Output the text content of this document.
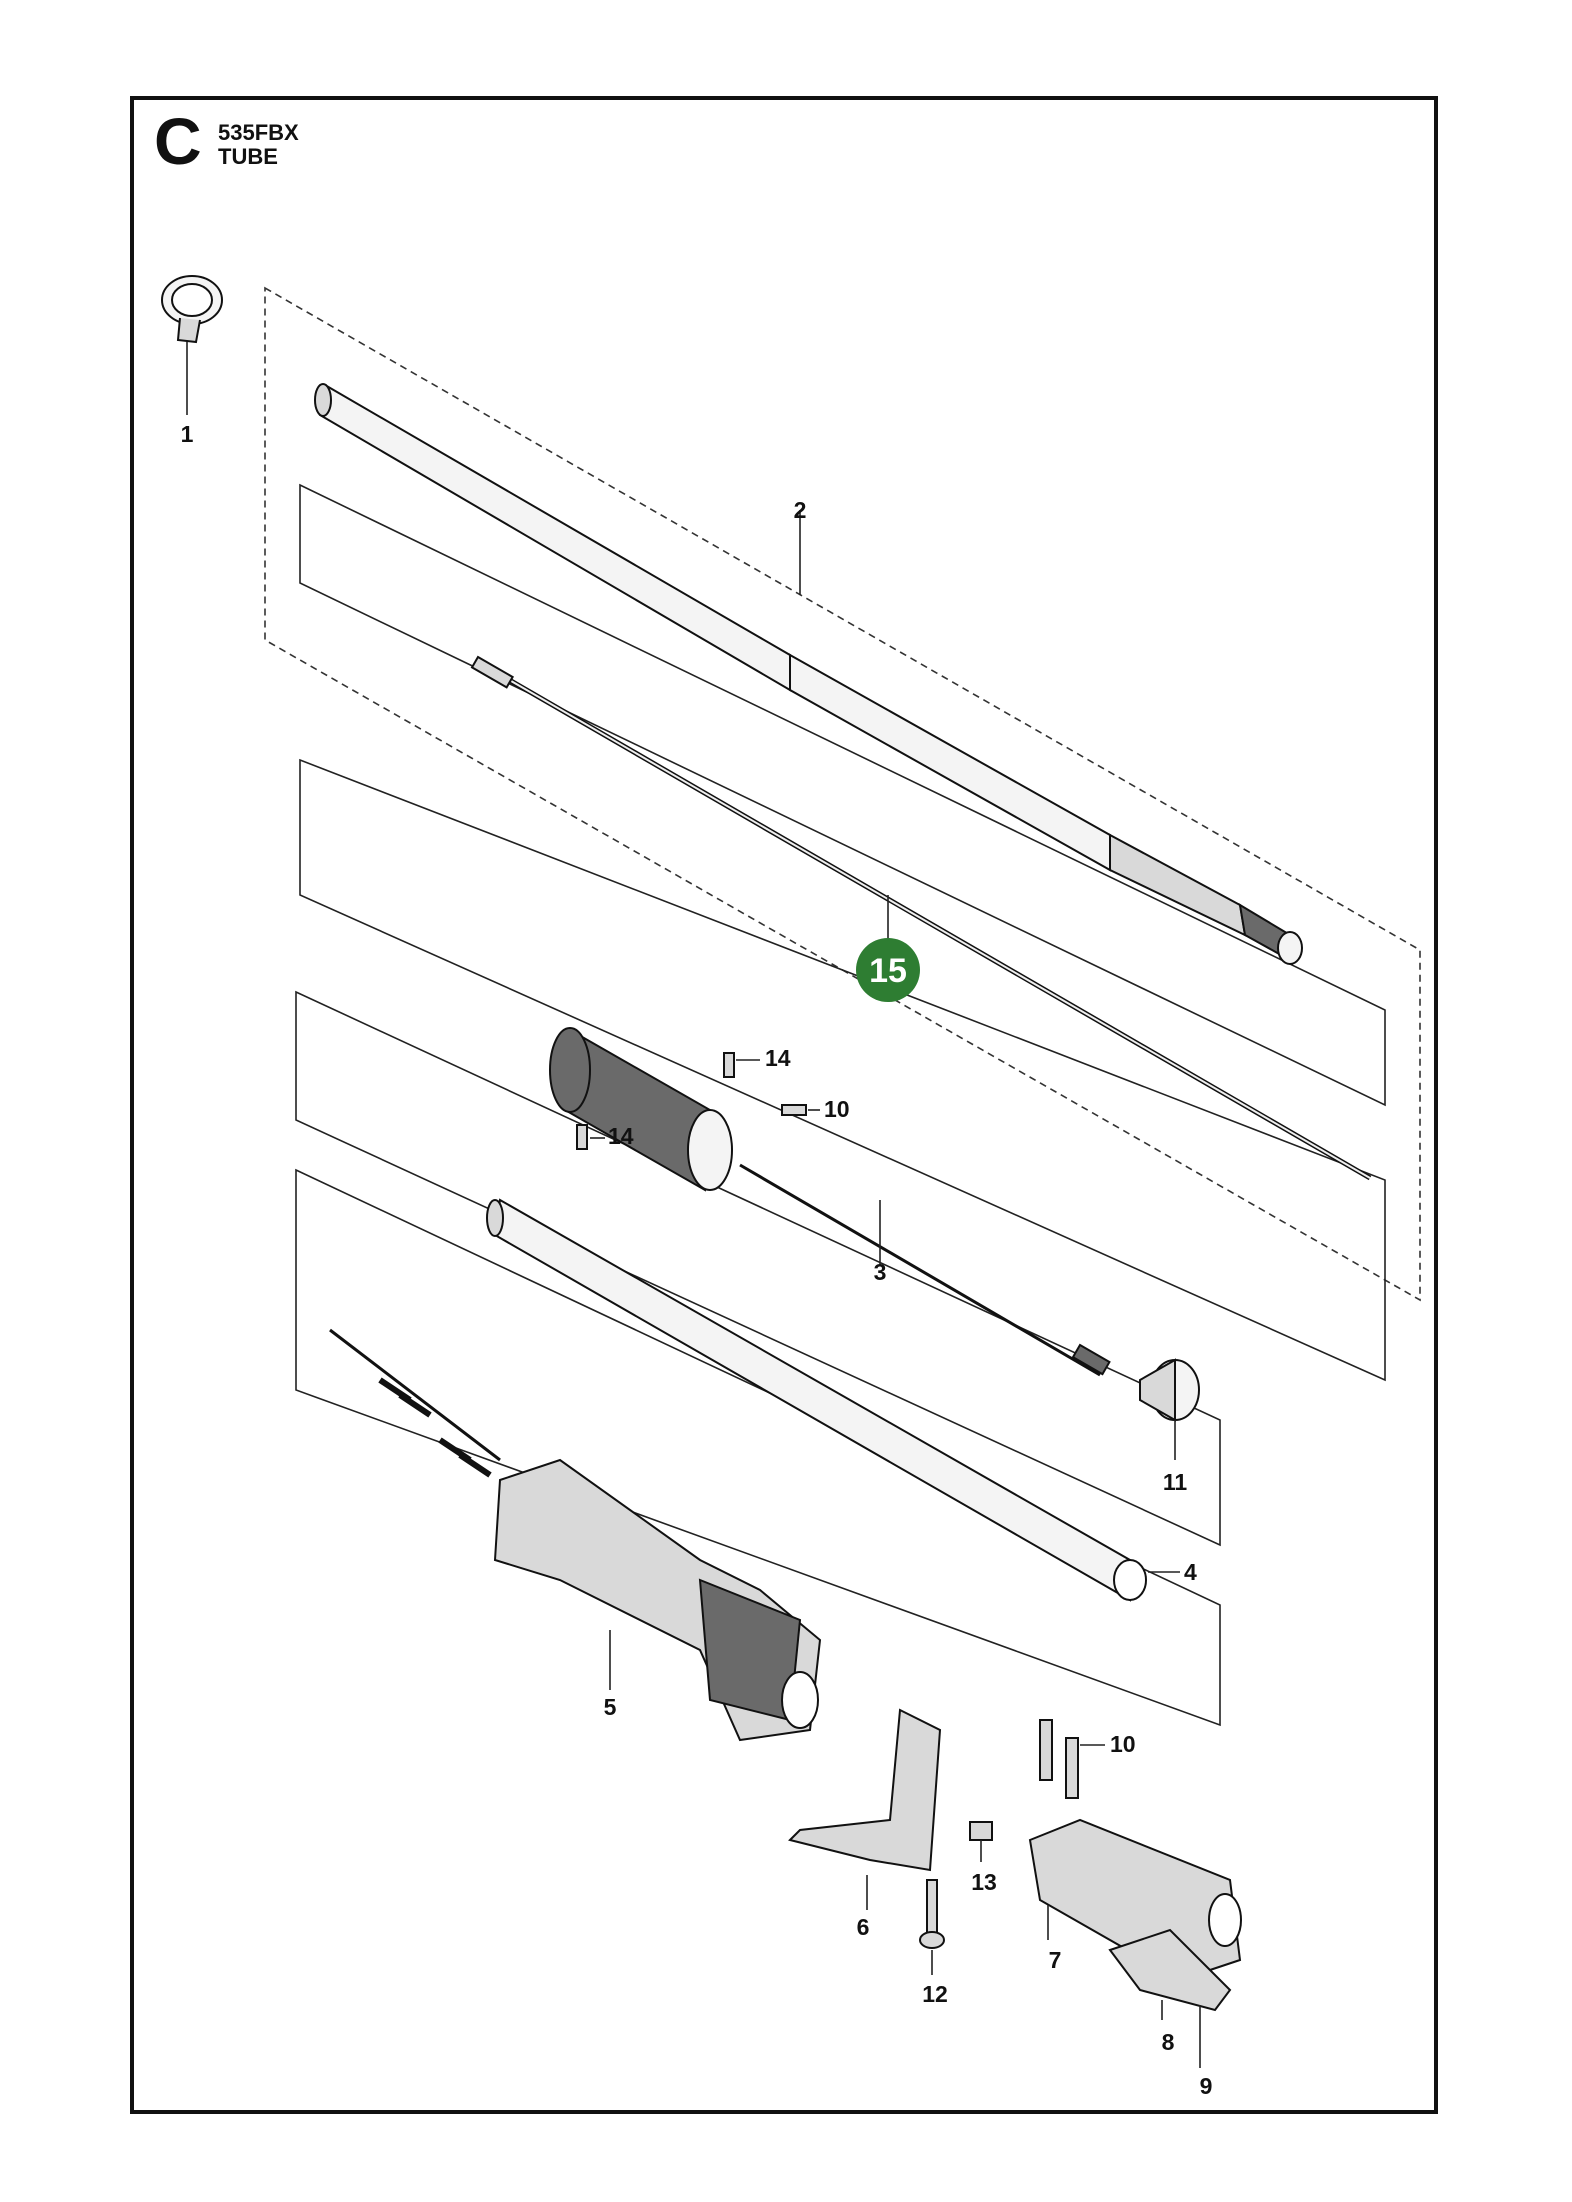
C 535FBX
TUBE
15
1
2
14
14
10
3
11
4
5
10
6
13
7
12
8
9
